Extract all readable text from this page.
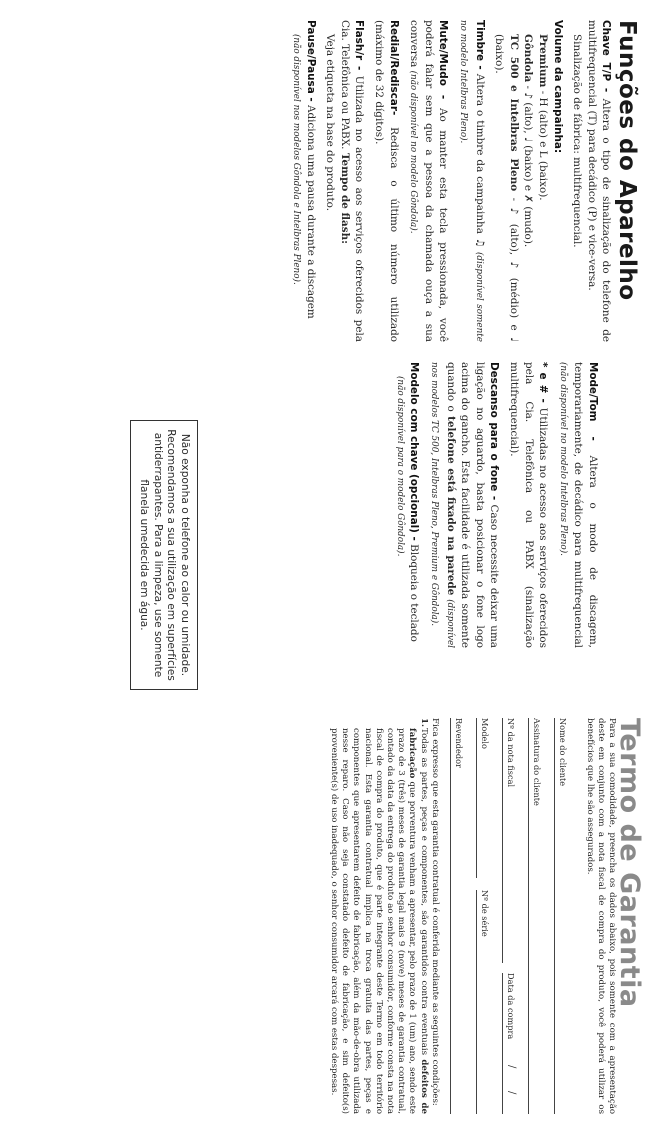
Funções do Aparelho
Chave T/P - Altera o tipo de sinalização do telefone de multifrequencial (T) para decádico (P) e vice-versa.
Sinalização de fábrica: multifrequencial.
Volume da campainha:
Premium - H (alto) e L (baixo).
Gôndola - ♪ (alto), ♩ (baixo) e ✗ (mudo).
TC 500 e Intelbras Pleno - ♪ (alto), ♪ (médio) e ♩ (baixo).
Timbre - Altera o timbre da campainha ♫ (disponível somente no modelo Intelbras Pleno).
Mute/Mudo - Ao manter esta tecla pressionada, você poderá falar sem que a pessoa da chamada ouça a sua conversa (não disponível no modelo Gôndola).
Redial/Rediscar- Redisca o último número utilizado (máximo de 32 dígitos).
Flash/r - Utilizada no acesso aos serviços oferecidos pela Cia. Telefônica ou PABX. Tempo de flash:
Veja etiqueta na base do produto.
Pause/Pausa - Adiciona uma pausa durante a discagem
(não disponível nos modelos Gôndola e Intelbras Pleno).
Mode/Tom - Altera o modo de discagem, temporariamente, de decádico para multifrequencial (não disponível no modelo Intelbras Pleno).
* e # - Utilizadas no acesso aos serviços oferecidos pela Cia. Telefônica ou PABX (sinalização multifrequencial).
Descanso para o fone - Caso necessite deixar uma ligação no aguardo, basta posicionar o fone logo acima do gancho. Esta facilidade é utilizada somente quando o telefone está fixado na parede (disponível nos modelos TC 500, Intelbras Pleno, Premium e Gôndola).
Modelo com chave (opcional) - Bloqueia o teclado
(não disponível para o modelo Gôndola).
Não exponha o telefone ao calor ou umidade.
Recomendamos a sua utilização em superfícies
antiderrapantes. Para a limpeza, use somente
flanela umedecida em água.
Termo de Garantia
Para a sua comodidade, preencha os dados abaixo, pois somente com a apresentação deste em conjunto com a nota fiscal de compra do produto, você poderá utilizar os benefícios que lhe são assegurados.
Nome do cliente
Assinatura do cliente
Nº da nota fiscal
Data da compra
/
/
Modelo
Nº de série
Revendedor
Fica expresso que esta garantia contratual é conferida mediante as seguintes condições:
1.
Todas as partes, peças e componentes, são garantidos contra eventuais defeitos de fabricação que porventura venham a apresentar, pelo prazo de 1 (um) ano, sendo este prazo de 3 (três) meses de garantia legal mais 9 (nove) meses de garantia contratual, contado da data da entrega do produto ao senhor consumidor, conforme consta na nota fiscal de compra do produto, que é parte integrante deste Termo em todo território nacional. Esta garantia contratual implica na troca gratuita das partes, peças e componentes que apresentarem defeito de fabricação, além da mão-de-obra utilizada nesse reparo. Caso não seja constatado defeito de fabricação, e sim defeito(s) proveniente(s) de uso inadequado, o senhor consumidor arcará com estas despesas.
